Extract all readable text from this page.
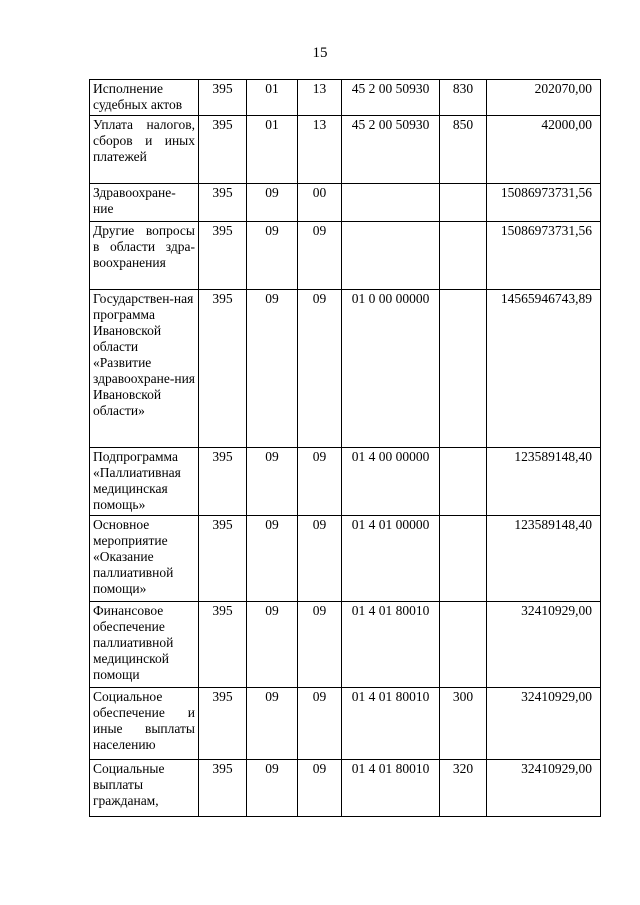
15
Исполнение судебных актов	395	01	13	45 2 00 50930	830	202070,00
Уплата налогов, сборов и иных платежей	395	01	13	45 2 00 50930	850	42000,00
Здравоохране-ние	395	09	00			15086973731,56
Другие вопросы в области здра-воохранения	395	09	09			15086973731,56
Государствен-ная программа Ивановской области «Развитие здравоохране-ния Ивановской области»	395	09	09	01 0 00 00000		14565946743,89
Подпрограмма «Паллиативная медицинская помощь»	395	09	09	01 4 00 00000		123589148,40
Основное мероприятие «Оказание паллиативной помощи»	395	09	09	01 4 01 00000		123589148,40
Финансовое обеспечение паллиативной медицинской помощи	395	09	09	01 4 01 80010		32410929,00
Социальное обеспечение и иные выплаты населению	395	09	09	01 4 01 80010	300	32410929,00
Социальные выплаты гражданам,	395	09	09	01 4 01 80010	320	32410929,00
